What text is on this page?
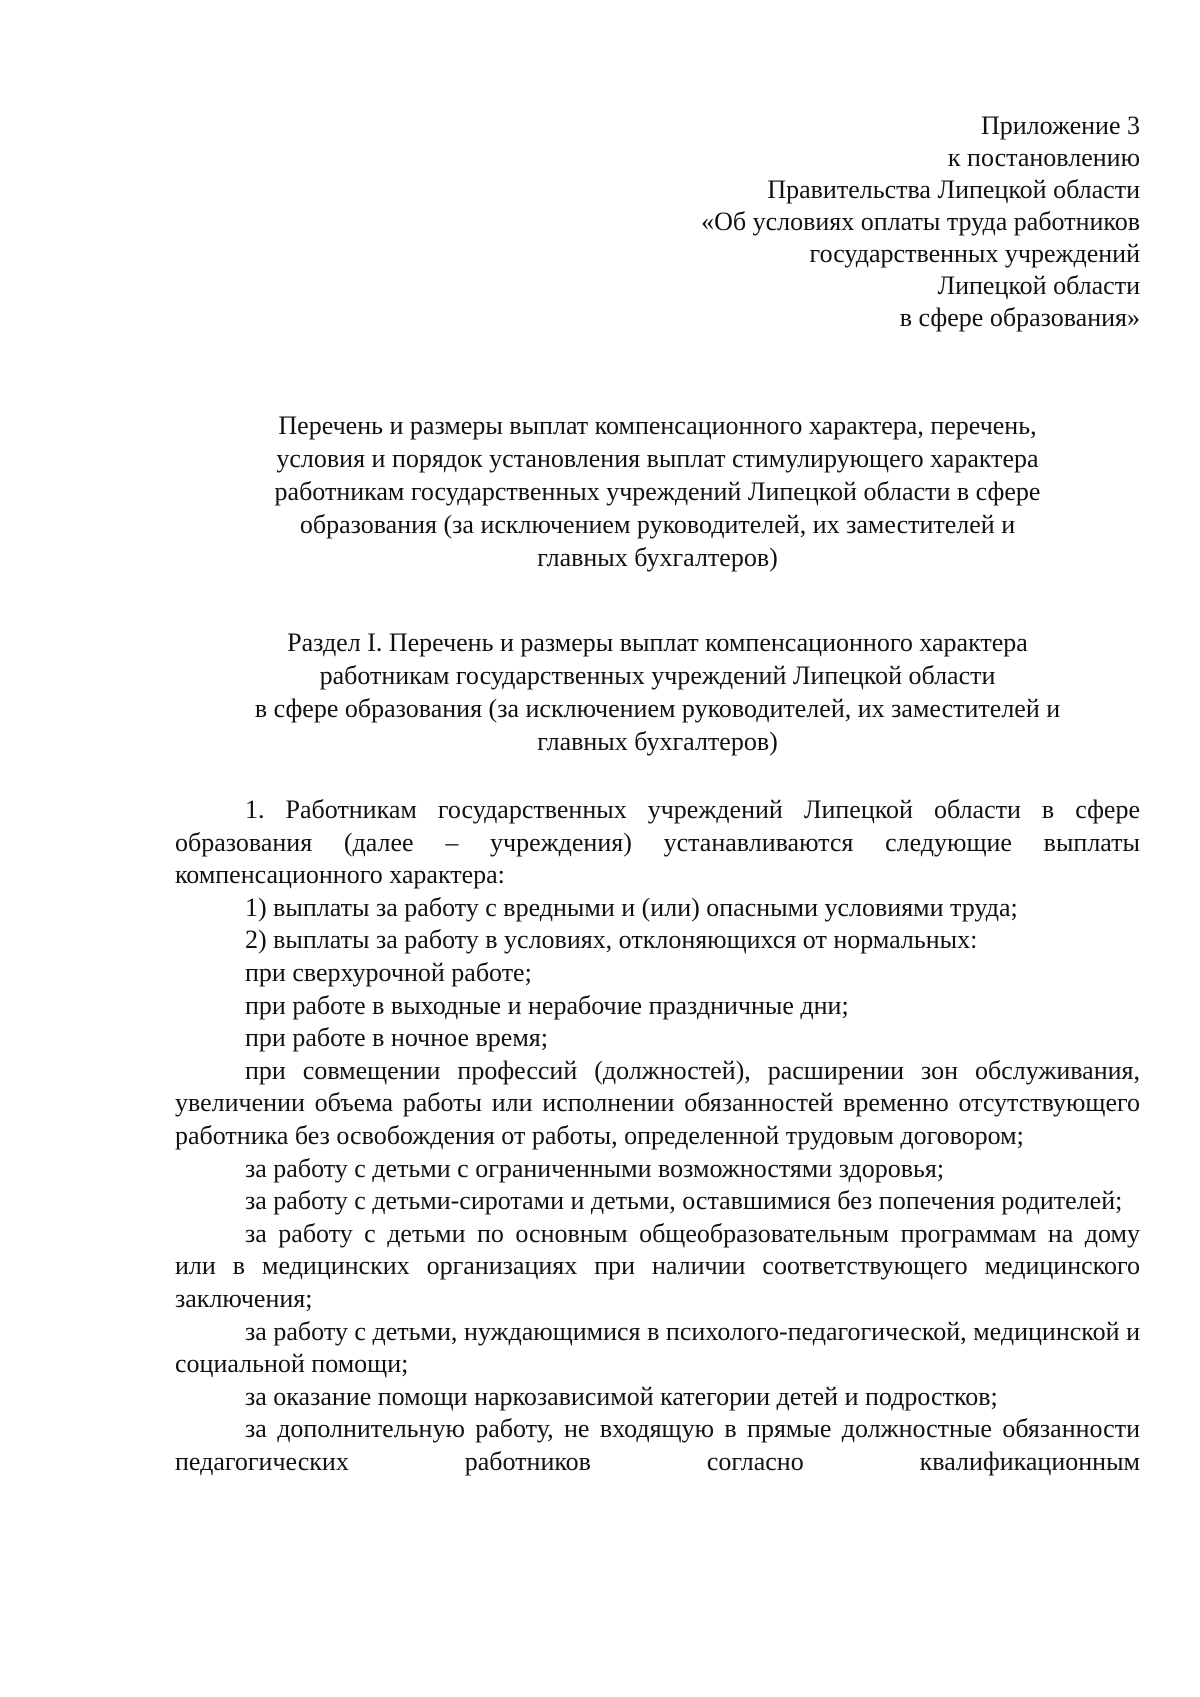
Приложение 3
к постановлению
Правительства Липецкой области
«Об условиях оплаты труда работников
государственных учреждений
Липецкой области
в сфере образования»
Перечень и размеры выплат компенсационного характера, перечень,
условия и порядок установления выплат стимулирующего характера
работникам государственных учреждений Липецкой области в сфере
образования (за исключением руководителей, их заместителей и
главных бухгалтеров)
Раздел I. Перечень и размеры выплат компенсационного характера
работникам государственных учреждений Липецкой области
в сфере образования (за исключением руководителей, их заместителей и
главных бухгалтеров)

1. Работникам государственных учреждений Липецкой области в сфере образования (далее – учреждения) устанавливаются следующие выплаты компенсационного характера:

1) выплаты за работу с вредными и (или) опасными условиями труда;

2) выплаты за работу в условиях, отклоняющихся от нормальных:

при сверхурочной работе;

при работе в выходные и нерабочие праздничные дни;

при работе в ночное время;

при совмещении профессий (должностей), расширении зон обслуживания, увеличении объема работы или исполнении обязанностей временно отсутствующего работника без освобождения от работы, определенной трудовым договором;

за работу с детьми с ограниченными возможностями здоровья;

за работу с детьми-сиротами и детьми, оставшимися без попечения родителей;

за работу с детьми по основным общеобразовательным программам на дому или в медицинских организациях при наличии соответствующего медицинского заключения;

за работу с детьми, нуждающимися в психолого-педагогической, медицинской и социальной помощи;

за оказание помощи наркозависимой категории детей и подростков;

за дополнительную работу, не входящую в прямые должностные обязанности педагогических работников согласно квалификационным
